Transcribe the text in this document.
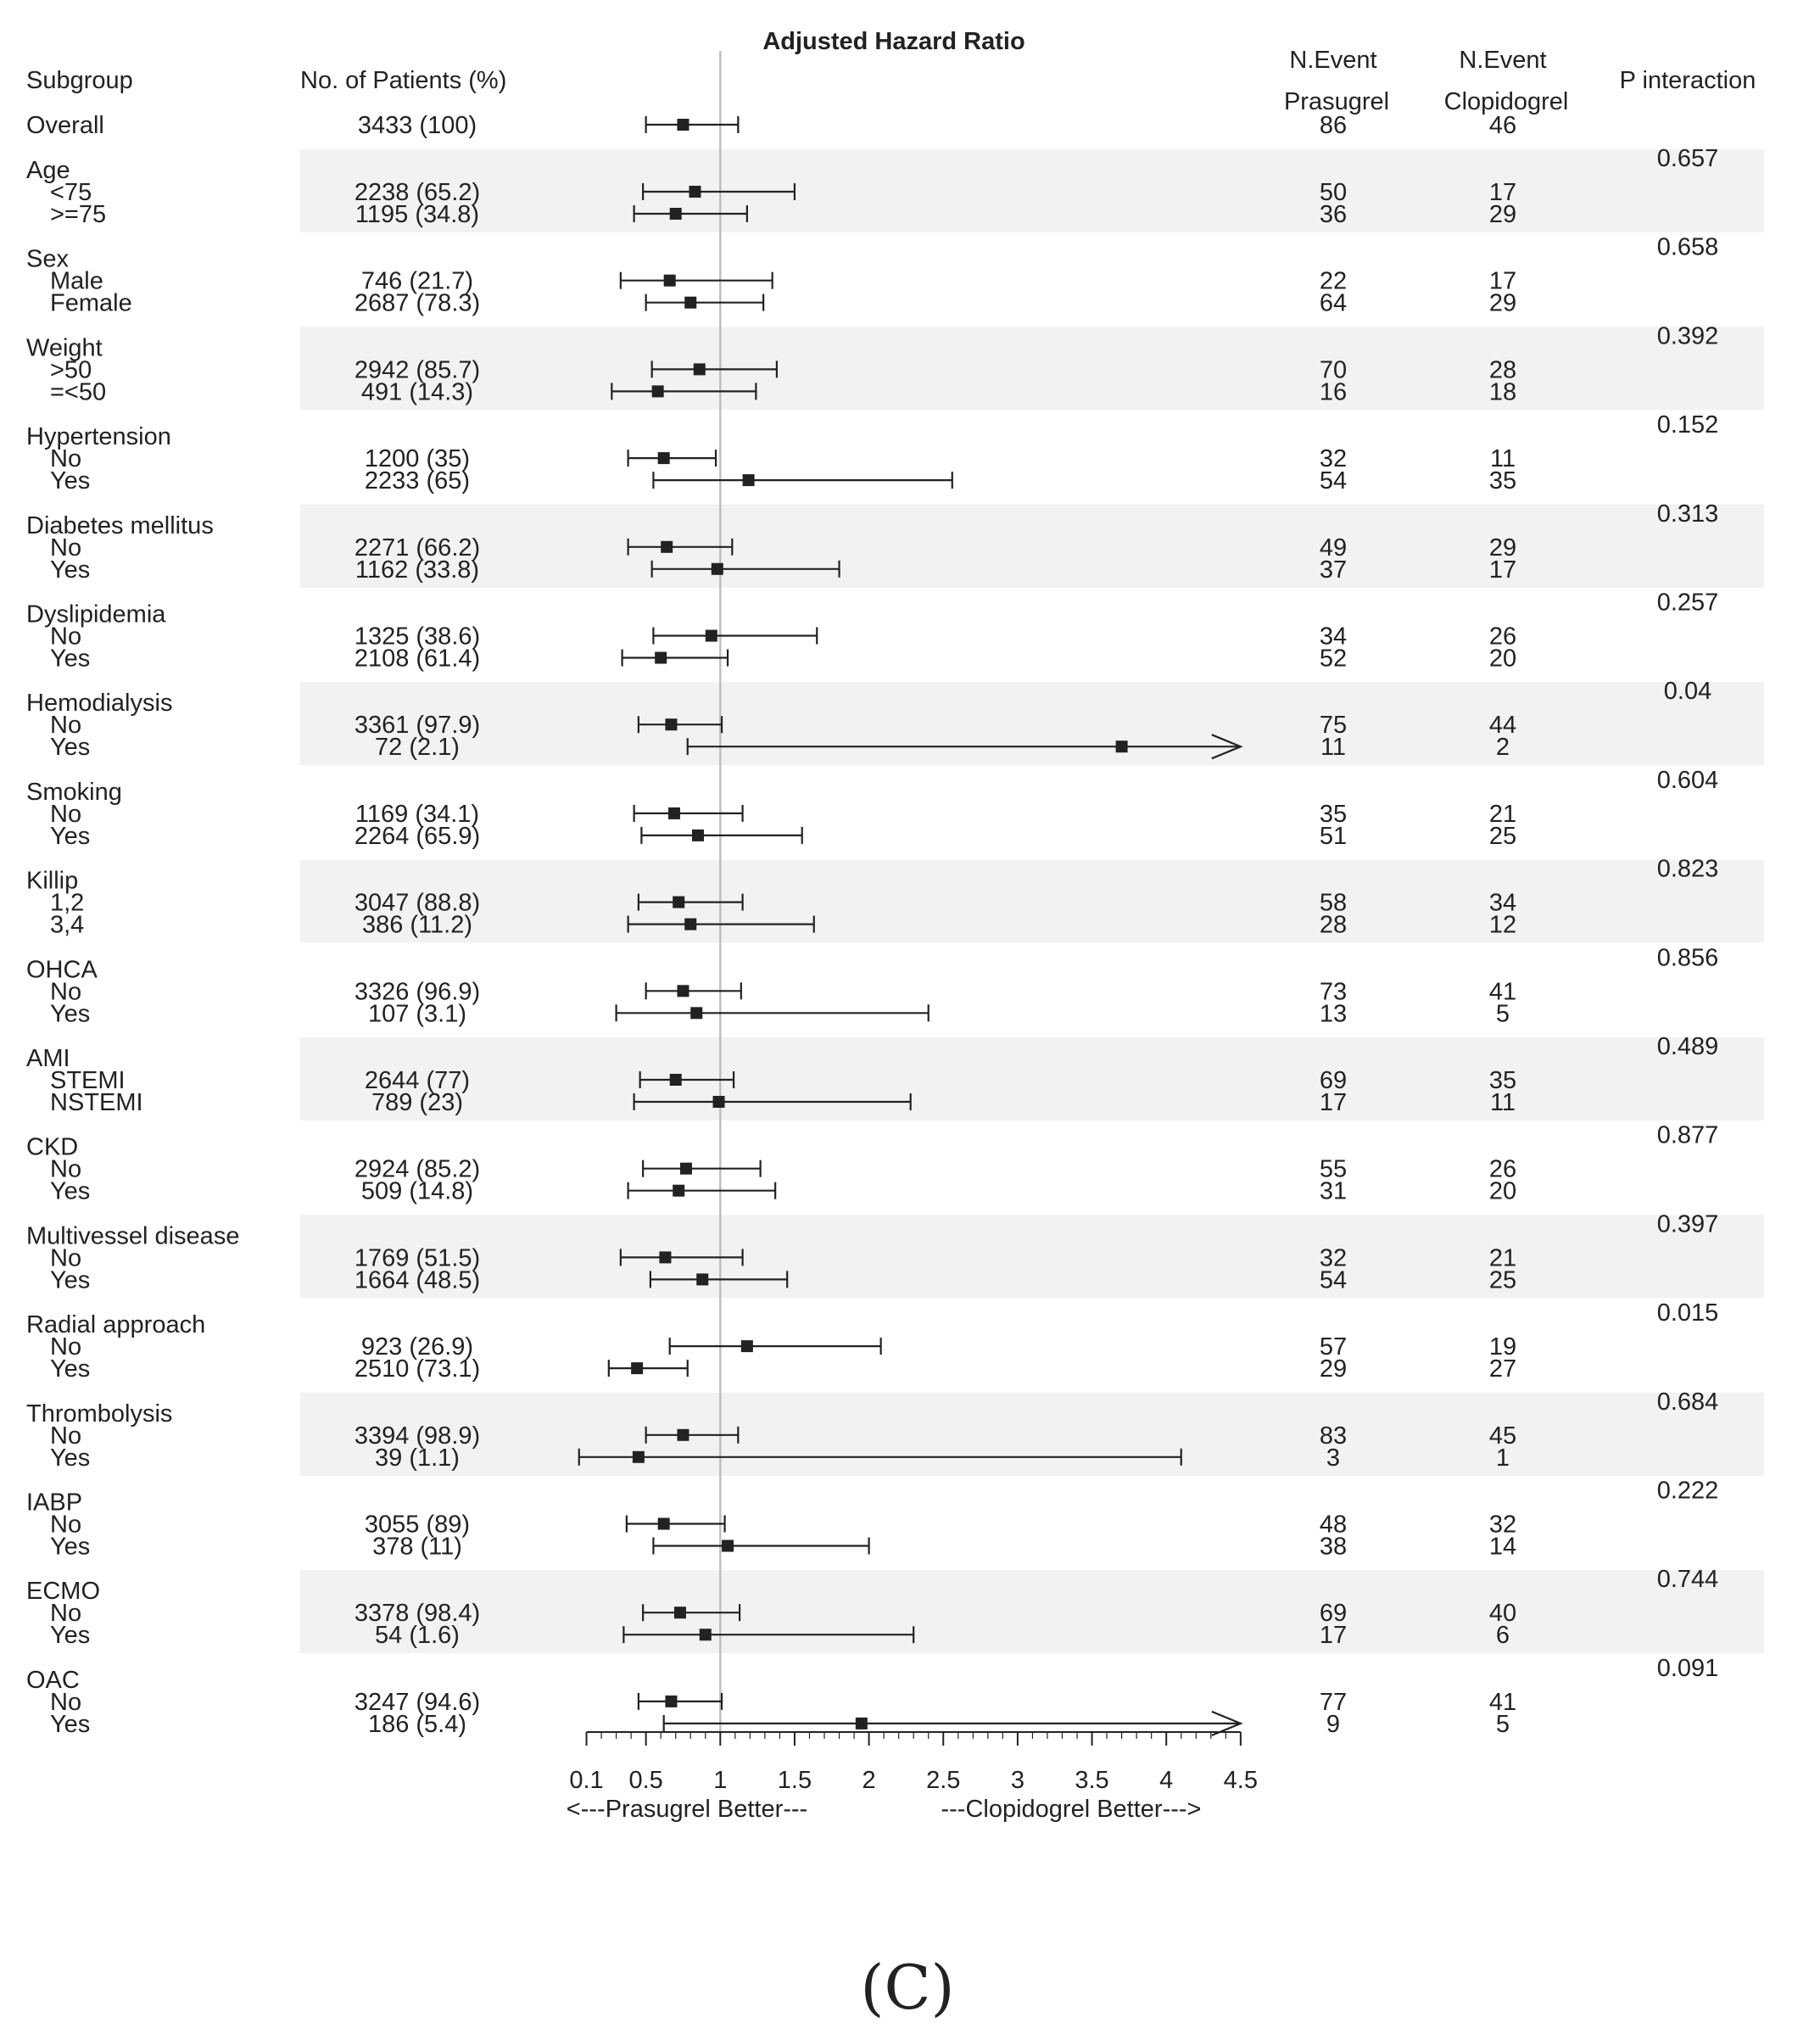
Adjusted Hazard Ratio
Subgroup	No. of Patients (%)
N.Event	N.Event
Prasugrel Clopidogrel
P interaction
Overall	3433 (100)	86	46
Age	0.657
<75	2238 (65.2)	50	17
>=75	1195 (34.8)	36	29
Sex	0.658
Male	746 (21.7)	22	17
Female	2687 (78.3)	64	29
Weight	0.392
>50	2942 (85.7)	70	28
=<50	491 (14.3)	16	18
Hypertension	0.152
No	1200 (35)	32	11
Yes	2233 (65)	54	35
Diabetes mellitus	0.313
No	2271 (66.2)	49	29
Yes	1162 (33.8)	37	17
Dyslipidemia	0.257
No	1325 (38.6)	34	26
Yes	2108 (61.4)	52	20
Hemodialysis	0.04
No	3361 (97.9)	75	44
Yes	72 (2.1)	11	2
Smoking	0.604
No	1169 (34.1)	35	21
Yes	2264 (65.9)	51	25
Killip	0.823
1,2	3047 (88.8)	58	34
3,4	386 (11.2)	28	12
OHCA	0.856
No	3326 (96.9)	73	41
Yes	107 (3.1)	13	5
AMI	0.489
STEMI	2644 (77)	69	35
NSTEMI	789 (23)	17	11
CKD	0.877
No	2924 (85.2)	55	26
Yes	509 (14.8)	31	20
Multivessel disease	0.397
No	1769 (51.5)	32	21
Yes	1664 (48.5)	54	25
Radial approach	0.015
No	923 (26.9)	57	19
Yes	2510 (73.1)	29	27
Thrombolysis	0.684
No	3394 (98.9)	83	45
Yes	39 (1.1)	3	1
IABP	0.222
No	3055 (89)	48	32
Yes	378 (11)	38	14
ECMO	0.744
No	3378 (98.4)	69	40
Yes	54 (1.6)	17	6
OAC	0.091
No	3247 (94.6)	77	41
Yes	186 (5.4)	9	5
0.1 0.5 1 1.5 2 2.5 3 3.5 4 4.5
<---Prasugrel Better---	---Clopidogrel Better--->
(C)
